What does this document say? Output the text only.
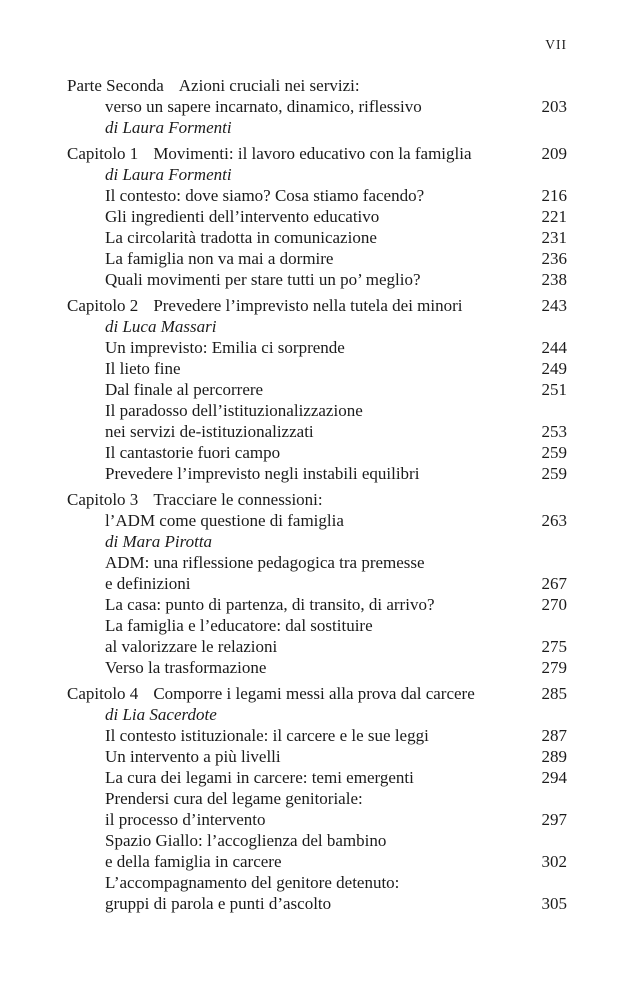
VII
Parte Seconda Azioni cruciali nei servizi:
verso un sapere incarnato, dinamico, riflessivo	203
di Laura Formenti
Capitolo 1 Movimenti: il lavoro educativo con la famiglia	209
di Laura Formenti
Il contesto: dove siamo? Cosa stiamo facendo?	216
Gli ingredienti dell’intervento educativo	221
La circolarità tradotta in comunicazione	231
La famiglia non va mai a dormire	236
Quali movimenti per stare tutti un po’ meglio?	238
Capitolo 2 Prevedere l’imprevisto nella tutela dei minori	243
di Luca Massari
Un imprevisto: Emilia ci sorprende	244
Il lieto fine	249
Dal finale al percorrere	251
Il paradosso dell’istituzionalizzazione
nei servizi de-istituzionalizzati	253
Il cantastorie fuori campo	259
Prevedere l’imprevisto negli instabili equilibri	259
Capitolo 3 Tracciare le connessioni:
l’ADM come questione di famiglia	263
di Mara Pirotta
ADM: una riflessione pedagogica tra premesse
e definizioni	267
La casa: punto di partenza, di transito, di arrivo?	270
La famiglia e l’educatore: dal sostituire
al valorizzare le relazioni	275
Verso la trasformazione	279
Capitolo 4 Comporre i legami messi alla prova dal carcere	285
di Lia Sacerdote
Il contesto istituzionale: il carcere e le sue leggi	287
Un intervento a più livelli	289
La cura dei legami in carcere: temi emergenti	294
Prendersi cura del legame genitoriale:
il processo d’intervento	297
Spazio Giallo: l’accoglienza del bambino
e della famiglia in carcere	302
L’accompagnamento del genitore detenuto:
gruppi di parola e punti d’ascolto	305
